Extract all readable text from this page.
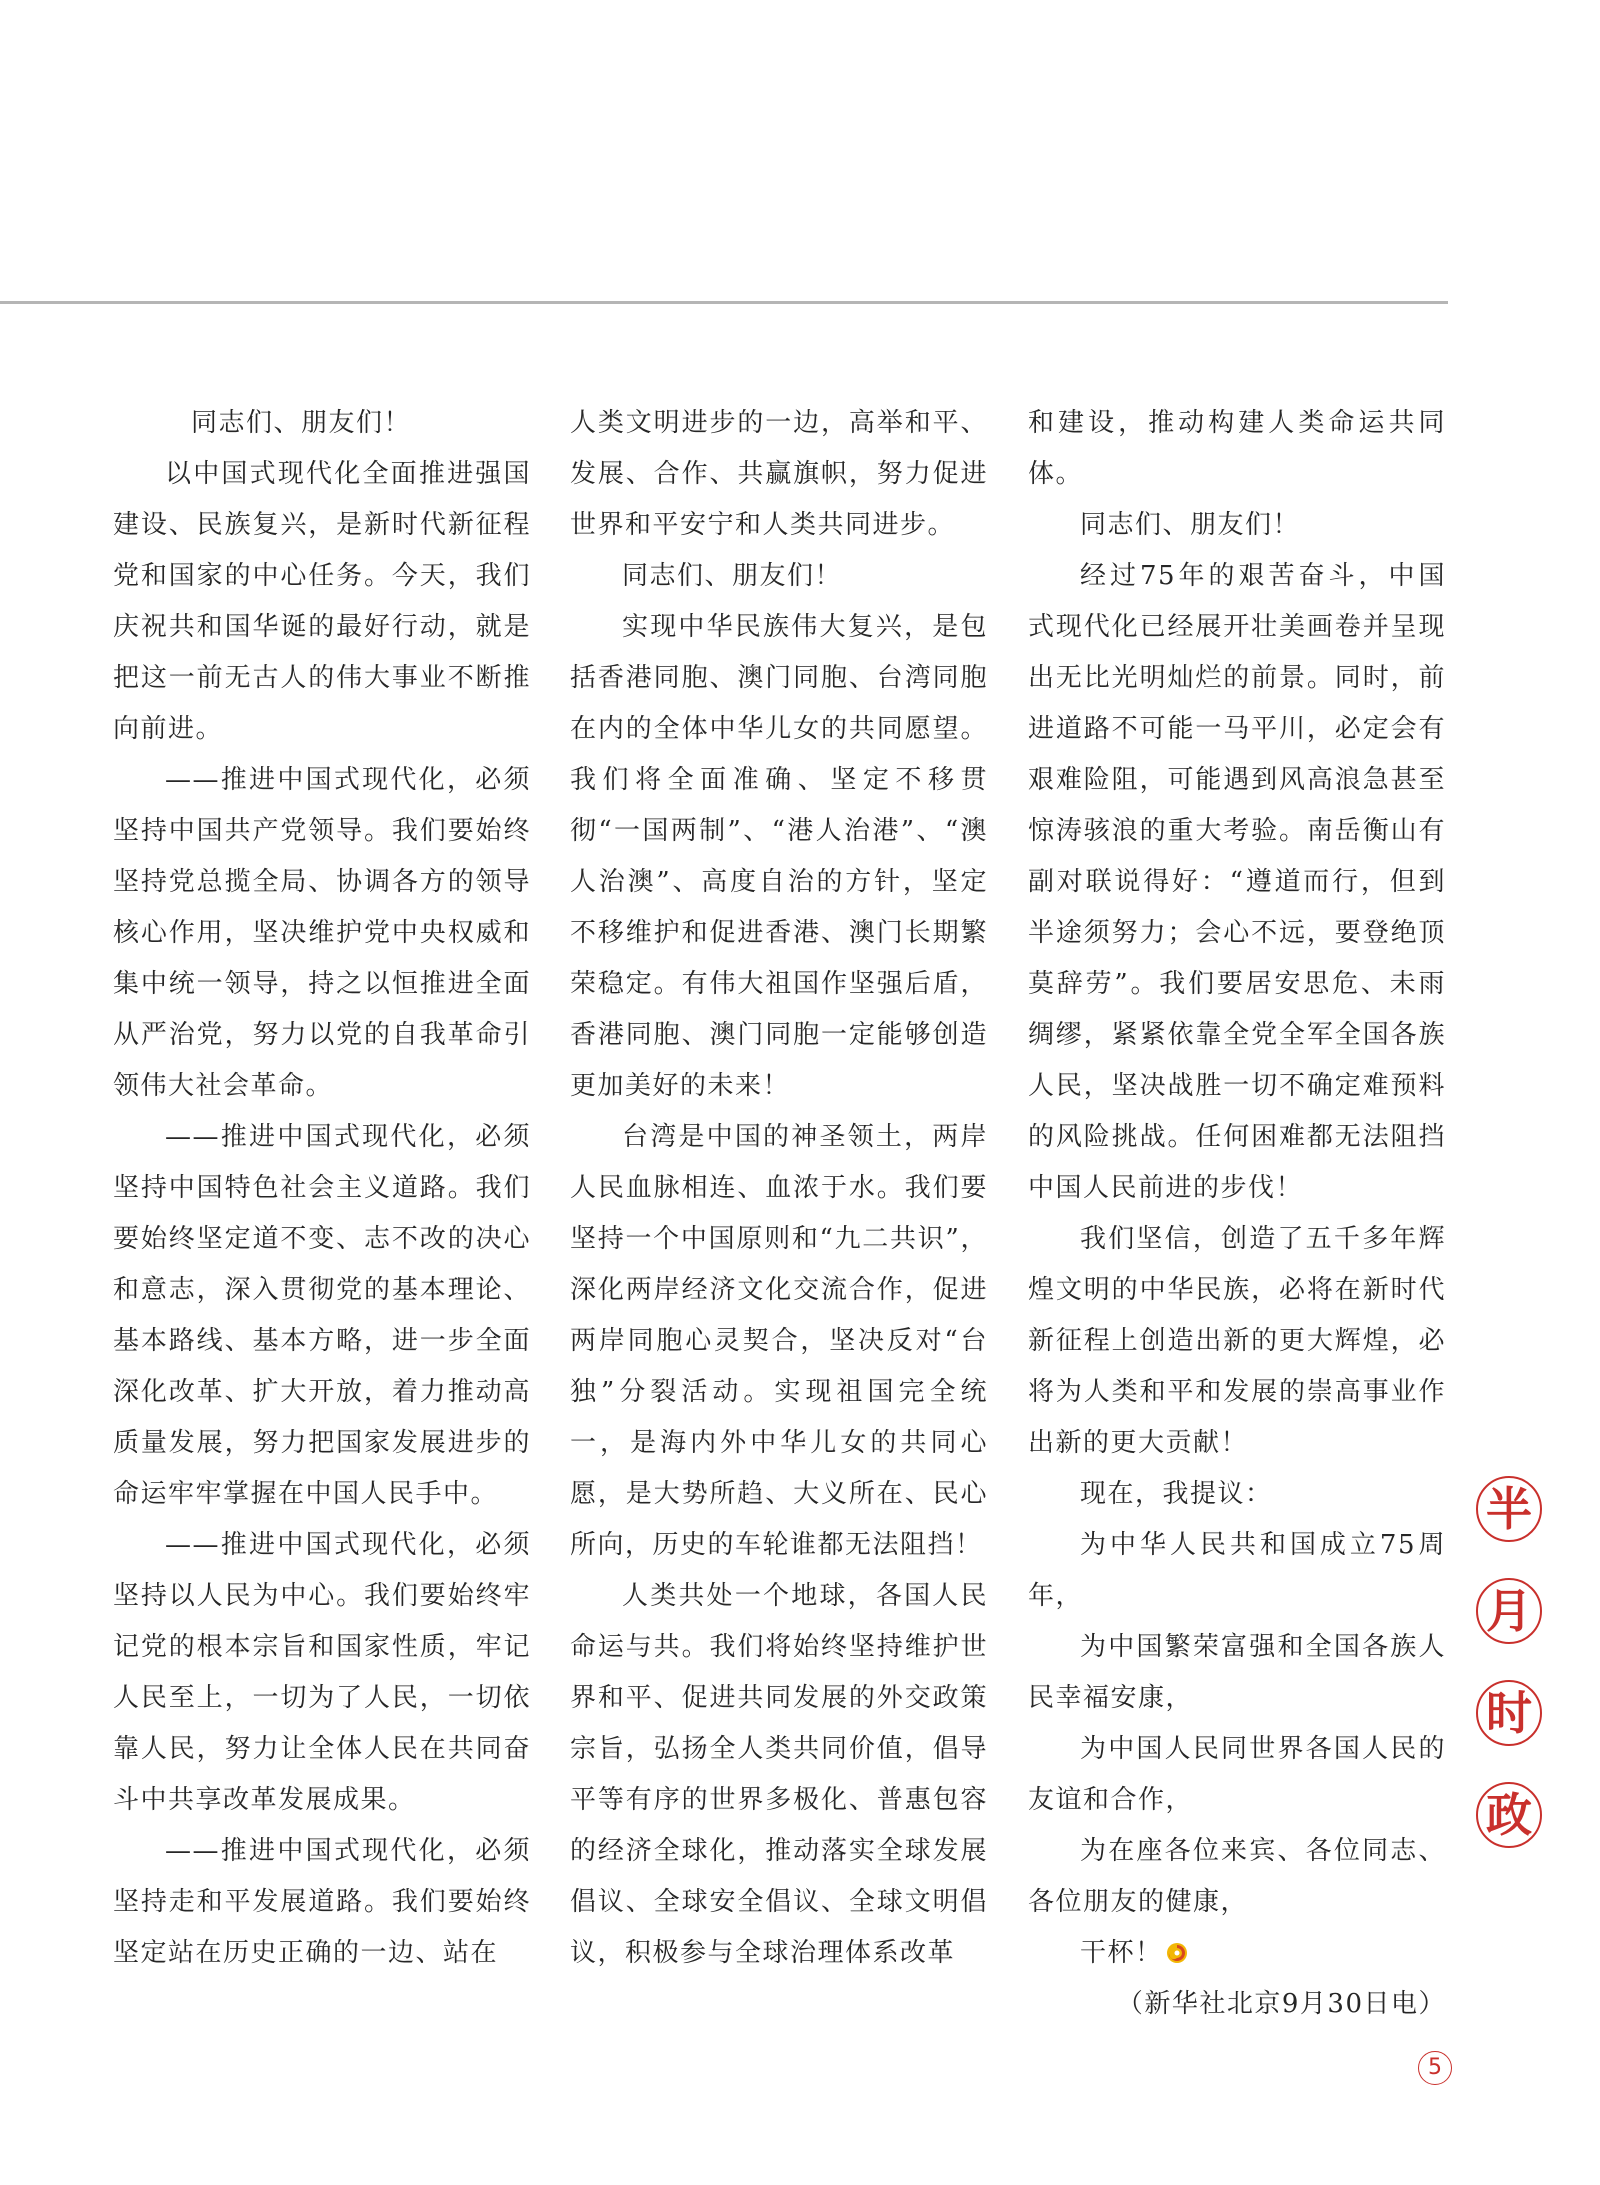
同志们、朋友们！

以中国式现代化全面推进强国建设、民族复兴，是新时代新征程党和国家的中心任务。今天，我们庆祝共和国华诞的最好行动，就是把这一前无古人的伟大事业不断推向前进。

——推进中国式现代化，必须坚持中国共产党领导。我们要始终坚持党总揽全局、协调各方的领导核心作用，坚决维护党中央权威和集中统一领导，持之以恒推进全面从严治党，努力以党的自我革命引领伟大社会革命。

——推进中国式现代化，必须坚持中国特色社会主义道路。我们要始终坚定道不变、志不改的决心和意志，深入贯彻党的基本理论、基本路线、基本方略，进一步全面深化改革、扩大开放，着力推动高质量发展，努力把国家发展进步的命运牢牢掌握在中国人民手中。

——推进中国式现代化，必须坚持以人民为中心。我们要始终牢记党的根本宗旨和国家性质，牢记人民至上，一切为了人民，一切依靠人民，努力让全体人民在共同奋斗中共享改革发展成果。

——推进中国式现代化，必须坚持走和平发展道路。我们要始终坚定站在历史正确的一边、站在

人类文明进步的一边，高举和平、发展、合作、共赢旗帜，努力促进世界和平安宁和人类共同进步。

同志们、朋友们！

实现中华民族伟大复兴，是包括香港同胞、澳门同胞、台湾同胞在内的全体中华儿女的共同愿望。我们将全面准确、坚定不移贯彻“一国两制”、“港人治港”、“澳人治澳”、高度自治的方针，坚定不移维护和促进香港、澳门长期繁荣稳定。有伟大祖国作坚强后盾，香港同胞、澳门同胞一定能够创造更加美好的未来！

台湾是中国的神圣领土，两岸人民血脉相连、血浓于水。我们要坚持一个中国原则和“九二共识”，深化两岸经济文化交流合作，促进两岸同胞心灵契合，坚决反对“台独”分裂活动。实现祖国完全统一，是海内外中华儿女的共同心愿，是大势所趋、大义所在、民心所向，历史的车轮谁都无法阻挡！

人类共处一个地球，各国人民命运与共。我们将始终坚持维护世界和平、促进共同发展的外交政策宗旨，弘扬全人类共同价值，倡导平等有序的世界多极化、普惠包容的经济全球化，推动落实全球发展倡议、全球安全倡议、全球文明倡议，积极参与全球治理体系改革

和建设，推动构建人类命运共同体。

同志们、朋友们！

经过75年的艰苦奋斗，中国式现代化已经展开壮美画卷并呈现出无比光明灿烂的前景。同时，前进道路不可能一马平川，必定会有艰难险阻，可能遇到风高浪急甚至惊涛骇浪的重大考验。南岳衡山有副对联说得好：“遵道而行，但到半途须努力；会心不远，要登绝顶莫辞劳”。我们要居安思危、未雨绸缪，紧紧依靠全党全军全国各族人民，坚决战胜一切不确定难预料的风险挑战。任何困难都无法阻挡中国人民前进的步伐！

我们坚信，创造了五千多年辉煌文明的中华民族，必将在新时代新征程上创造出新的更大辉煌，必将为人类和平和发展的崇高事业作出新的更大贡献！

现在，我提议：

为中华人民共和国成立75周年，

为中国繁荣富强和全国各族人民幸福安康，

为中国人民同世界各国人民的友谊和合作，

为在座各位来宾、各位同志、各位朋友的健康，

干杯！

（新华社北京9月30日电）

半
月
时
政
5
